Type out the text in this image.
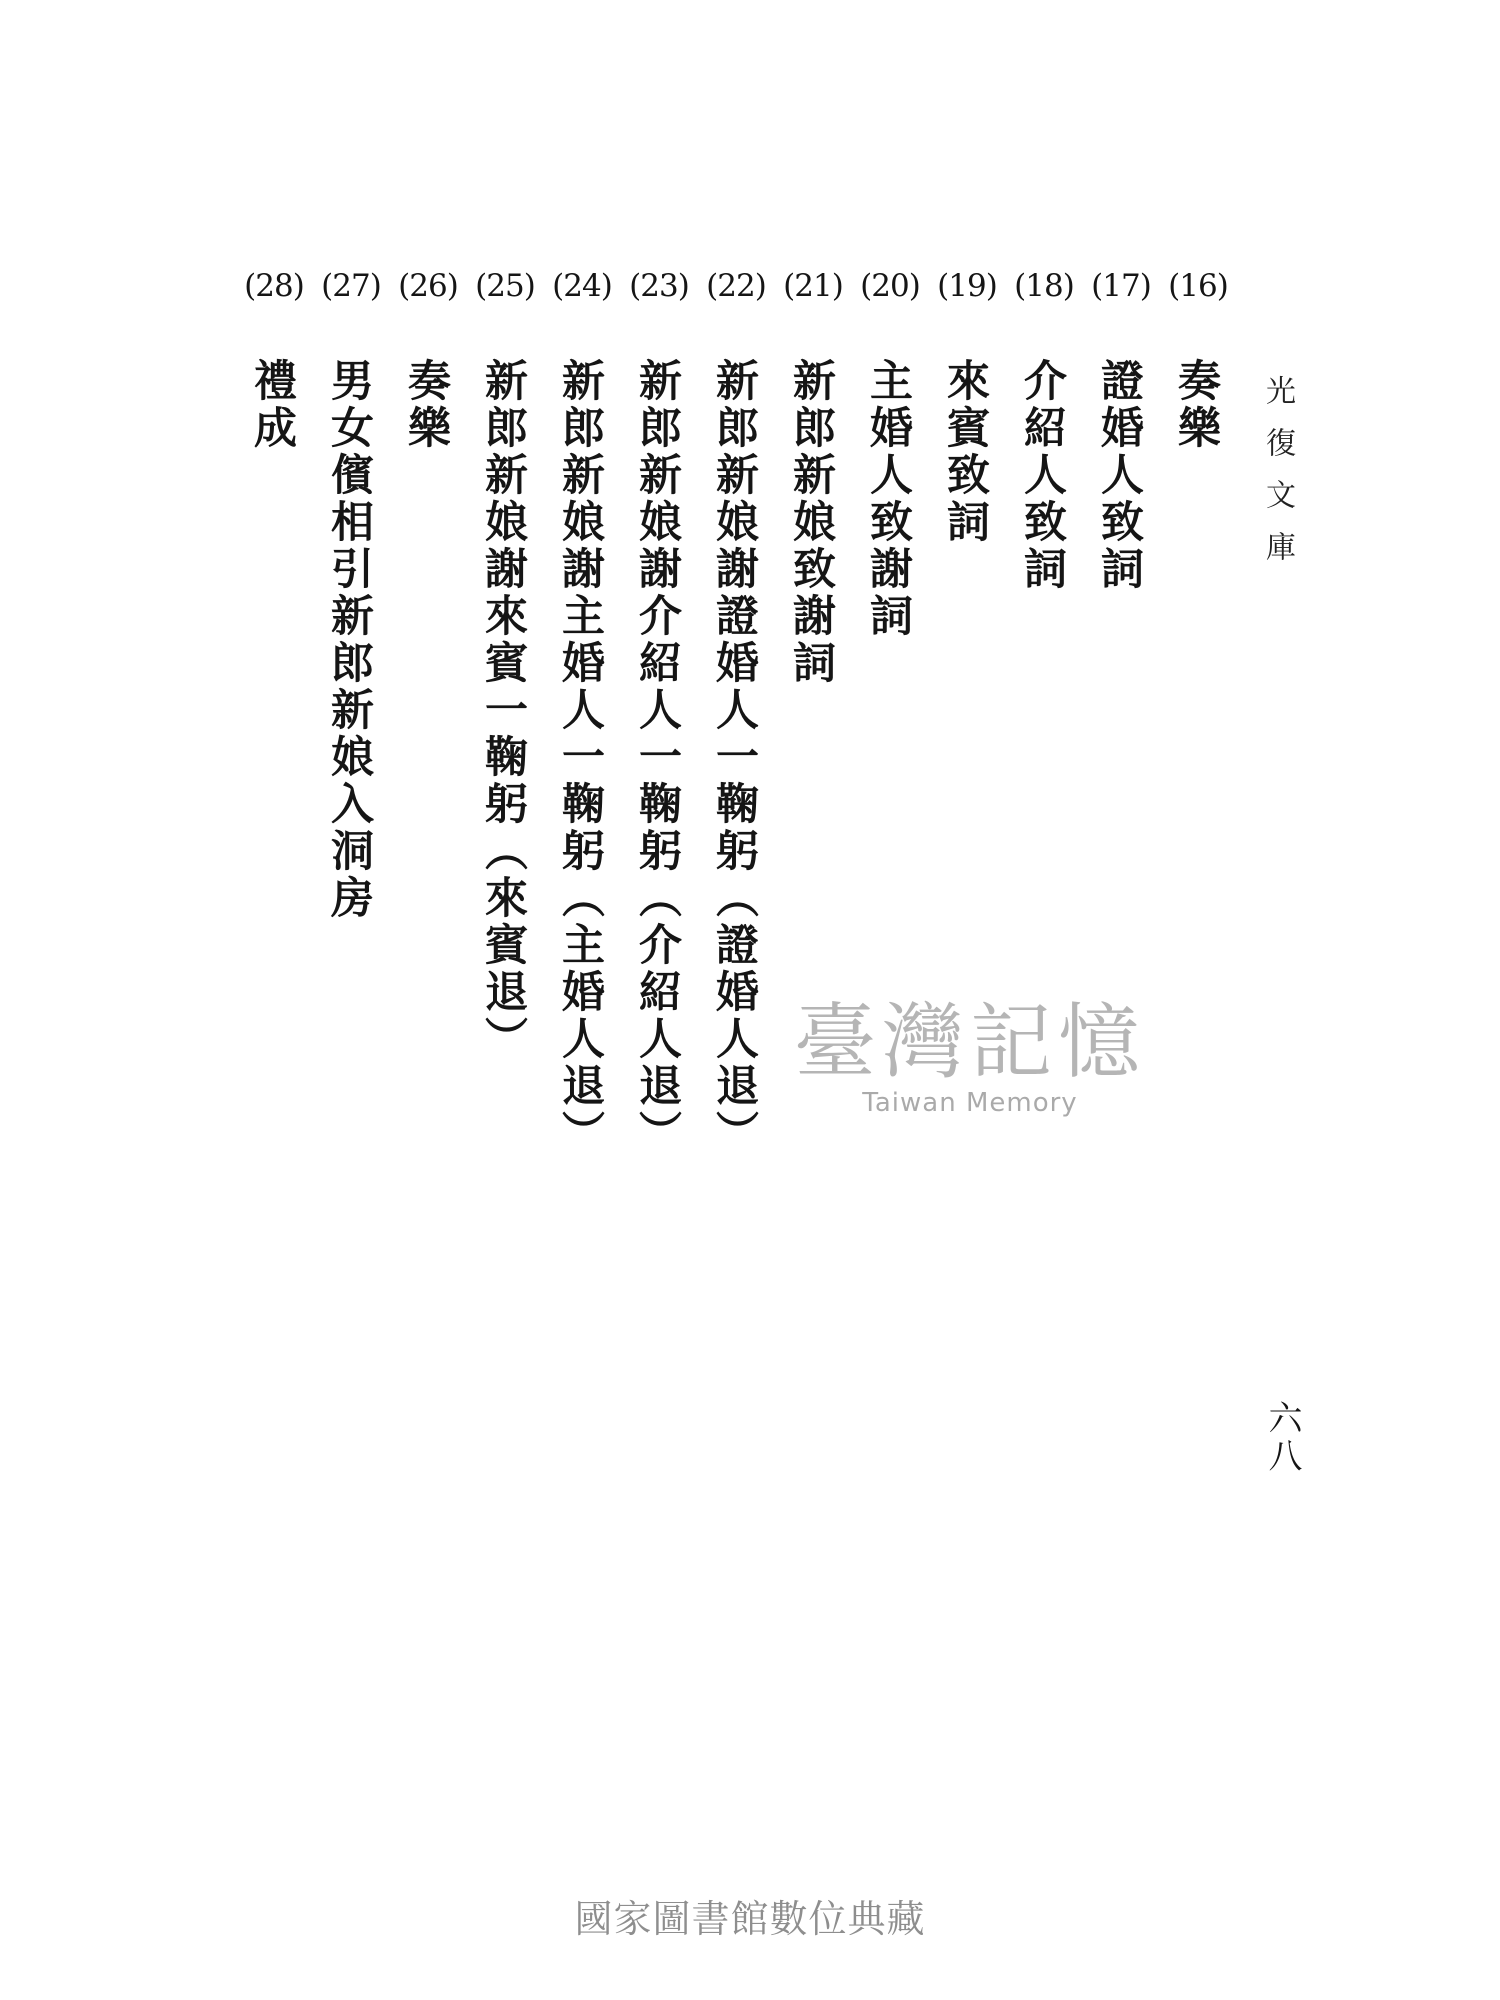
光復文庫
(16)
(17)
(18)
(19)
(20)
(21)
(22)
(23)
(24)
(25)
(26)
(27)
(28)
奏樂
證婚人致詞
介紹人致詞
來賓致詞
主婚人致謝詞
新郎新娘致謝詞
新郎新娘謝證婚人一鞠躬︵證婚人退︶
新郎新娘謝介紹人一鞠躬︵介紹人退︶
新郎新娘謝主婚人一鞠躬︵主婚人退︶
新郎新娘謝來賓一鞠躬︵來賓退︶
奏樂
男女儐相引新郎新娘入洞房
禮成
六八
臺灣記憶
Taiwan Memory
國家圖書館數位典藏
